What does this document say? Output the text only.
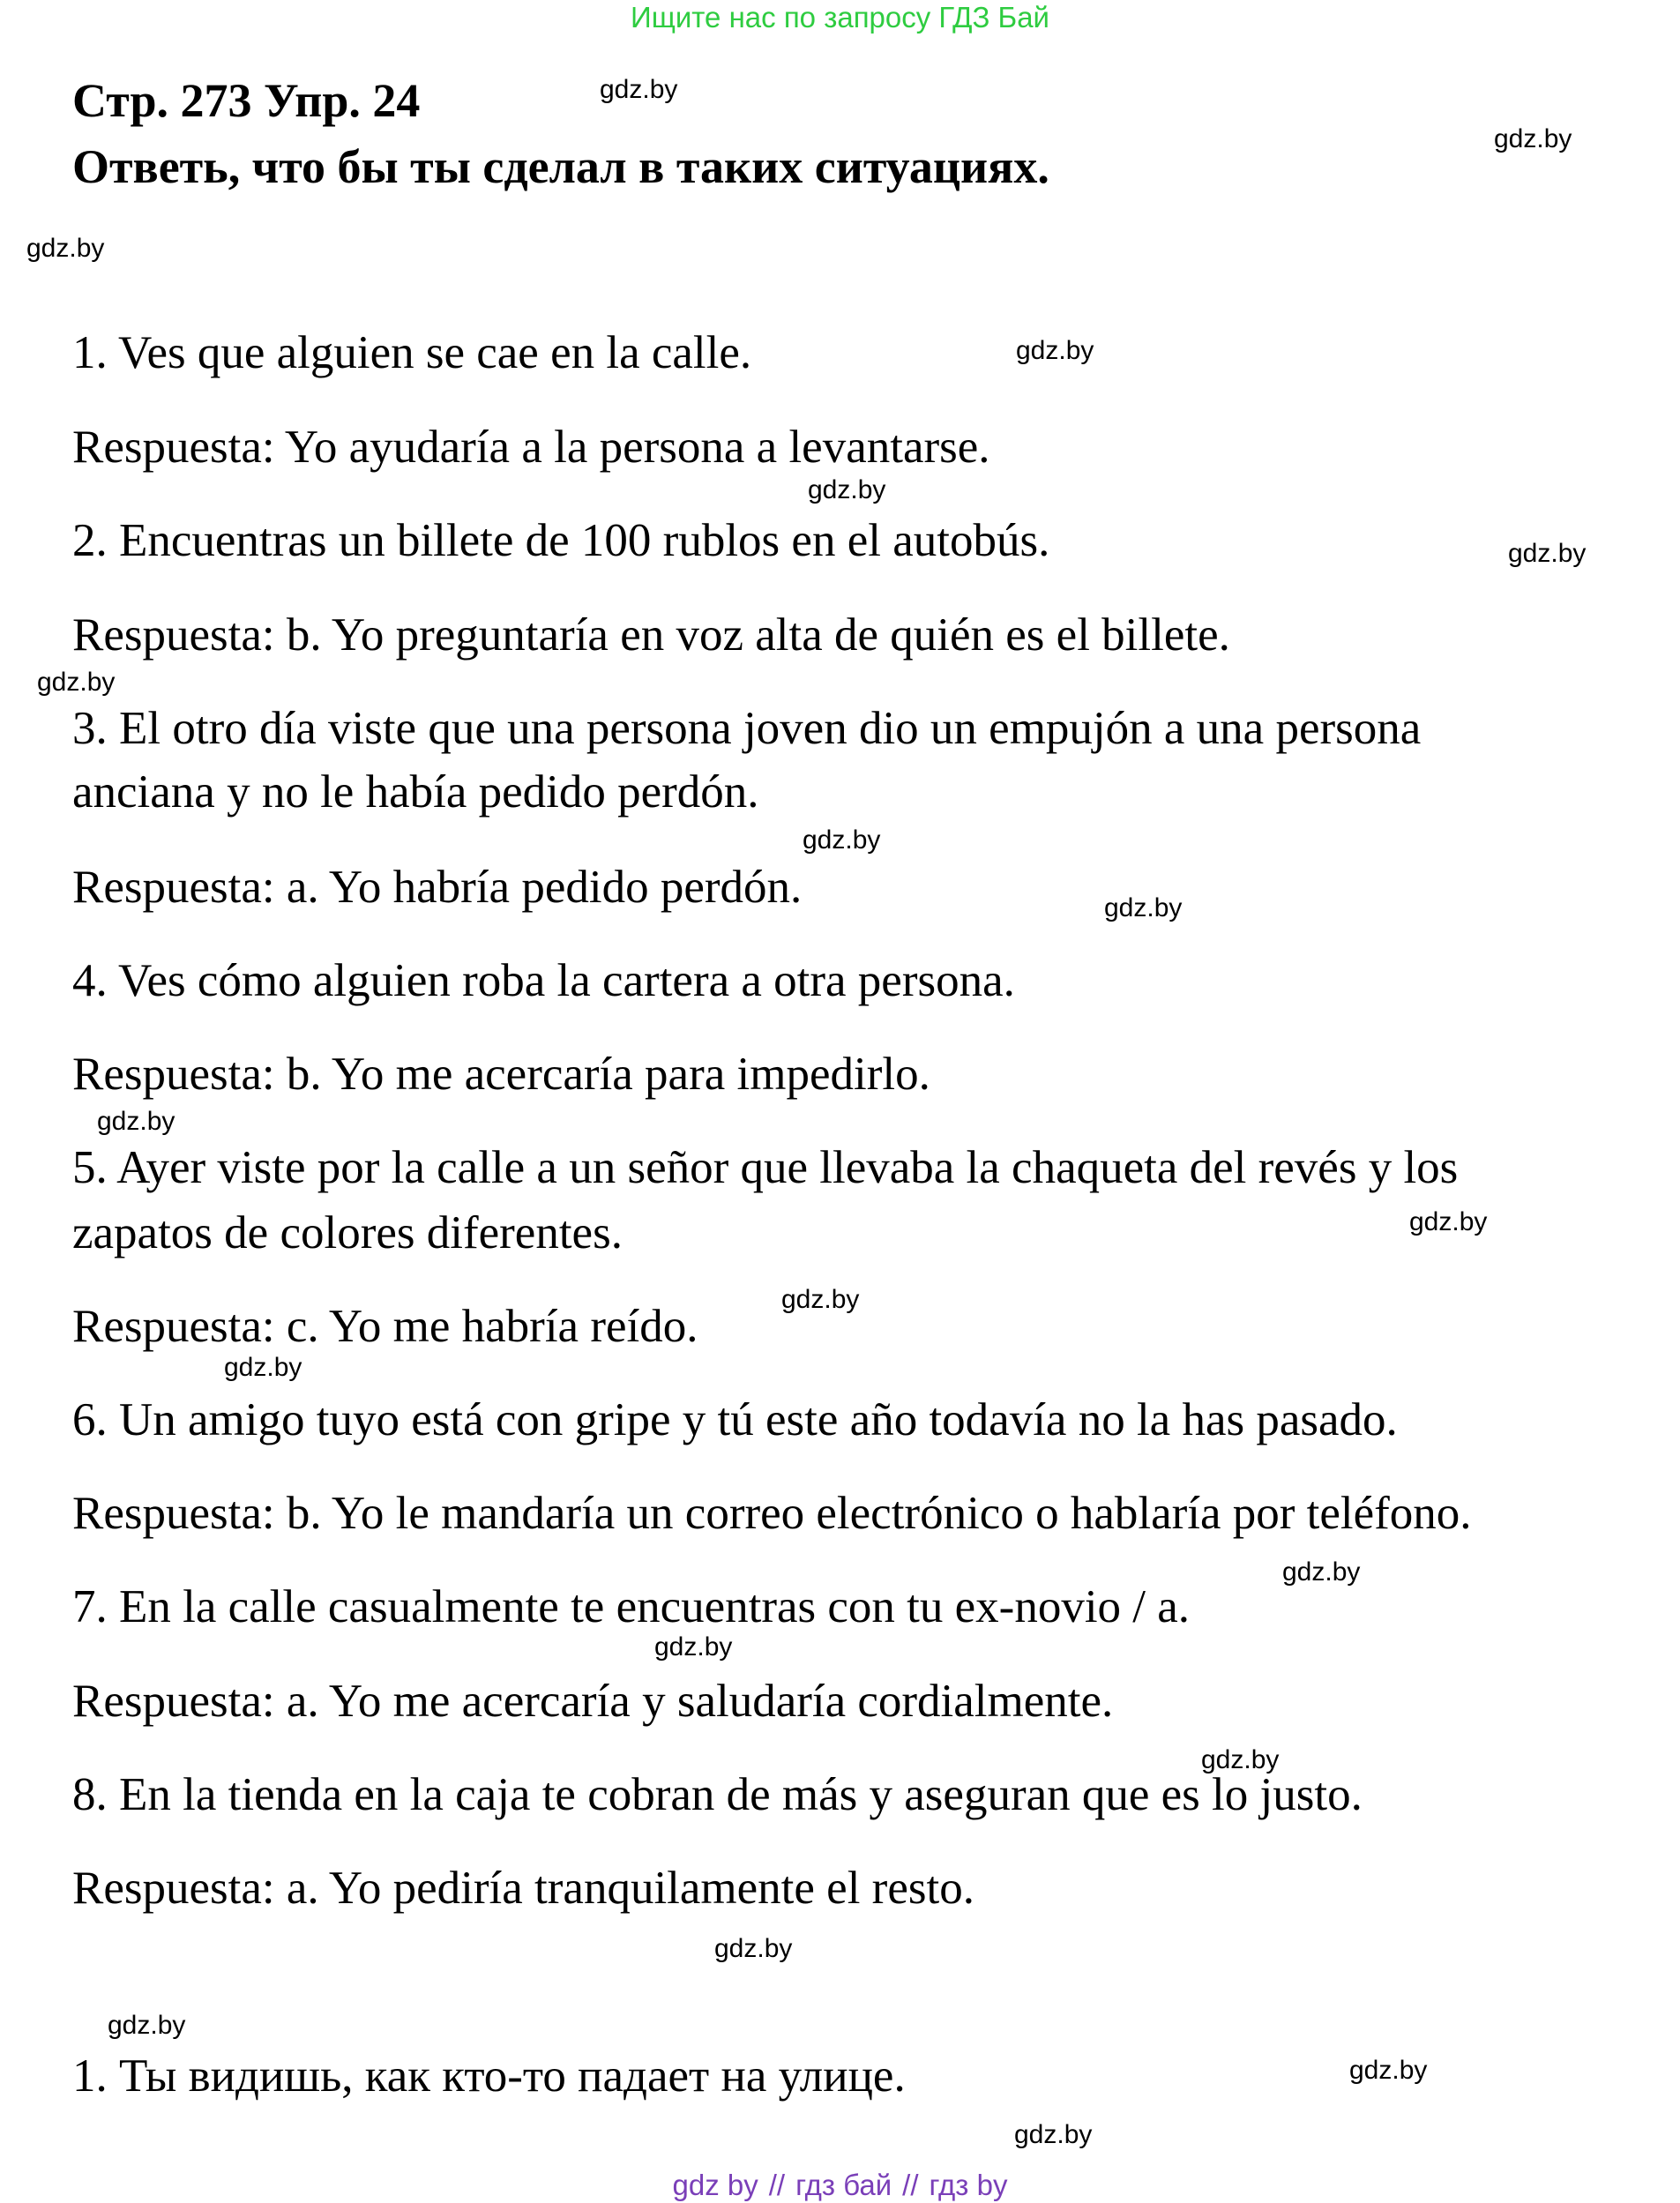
Ищите нас по запросу ГДЗ Бай
Стр. 273 Упр. 24
Ответь, что бы ты сделал в таких ситуациях.
1. Ves que alguien se cae en la calle.
Respuesta: Yo ayudaría a la persona a levantarse.
2. Encuentras un billete de 100 rublos en el autobús.
Respuesta: b. Yo preguntaría en voz alta de quién es el billete.
3. El otro día viste que una persona joven dio un empujón a una persona
anciana y no le había pedido perdón.
Respuesta: a. Yo habría pedido perdón.
4. Ves cómo alguien roba la cartera a otra persona.
Respuesta: b. Yo me acercaría para impedirlo.
5. Ayer viste por la calle a un señor que llevaba la chaqueta del revés y los
zapatos de colores diferentes.
Respuesta: c. Yo me habría reído.
6. Un amigo tuyo está con gripe y tú este año todavía no la has pasado.
Respuesta: b. Yo le mandaría un correo electrónico o hablaría por teléfono.
7. En la calle casualmente te encuentras con tu ex-novio / a.
Respuesta: a. Yo me acercaría y saludaría cordialmente.
8. En la tienda en la caja te cobran de más y aseguran que es lo justo.
Respuesta: a. Yo pediría tranquilamente el resto.
1. Ты видишь, как кто-то падает на улице.
gdz.by
gdz.by
gdz.by
gdz.by
gdz.by
gdz.by
gdz.by
gdz.by
gdz.by
gdz.by
gdz.by
gdz.by
gdz.by
gdz.by
gdz.by
gdz.by
gdz.by
gdz.by
gdz.by
gdz.by
gdz by // гдз бай // гдз by
